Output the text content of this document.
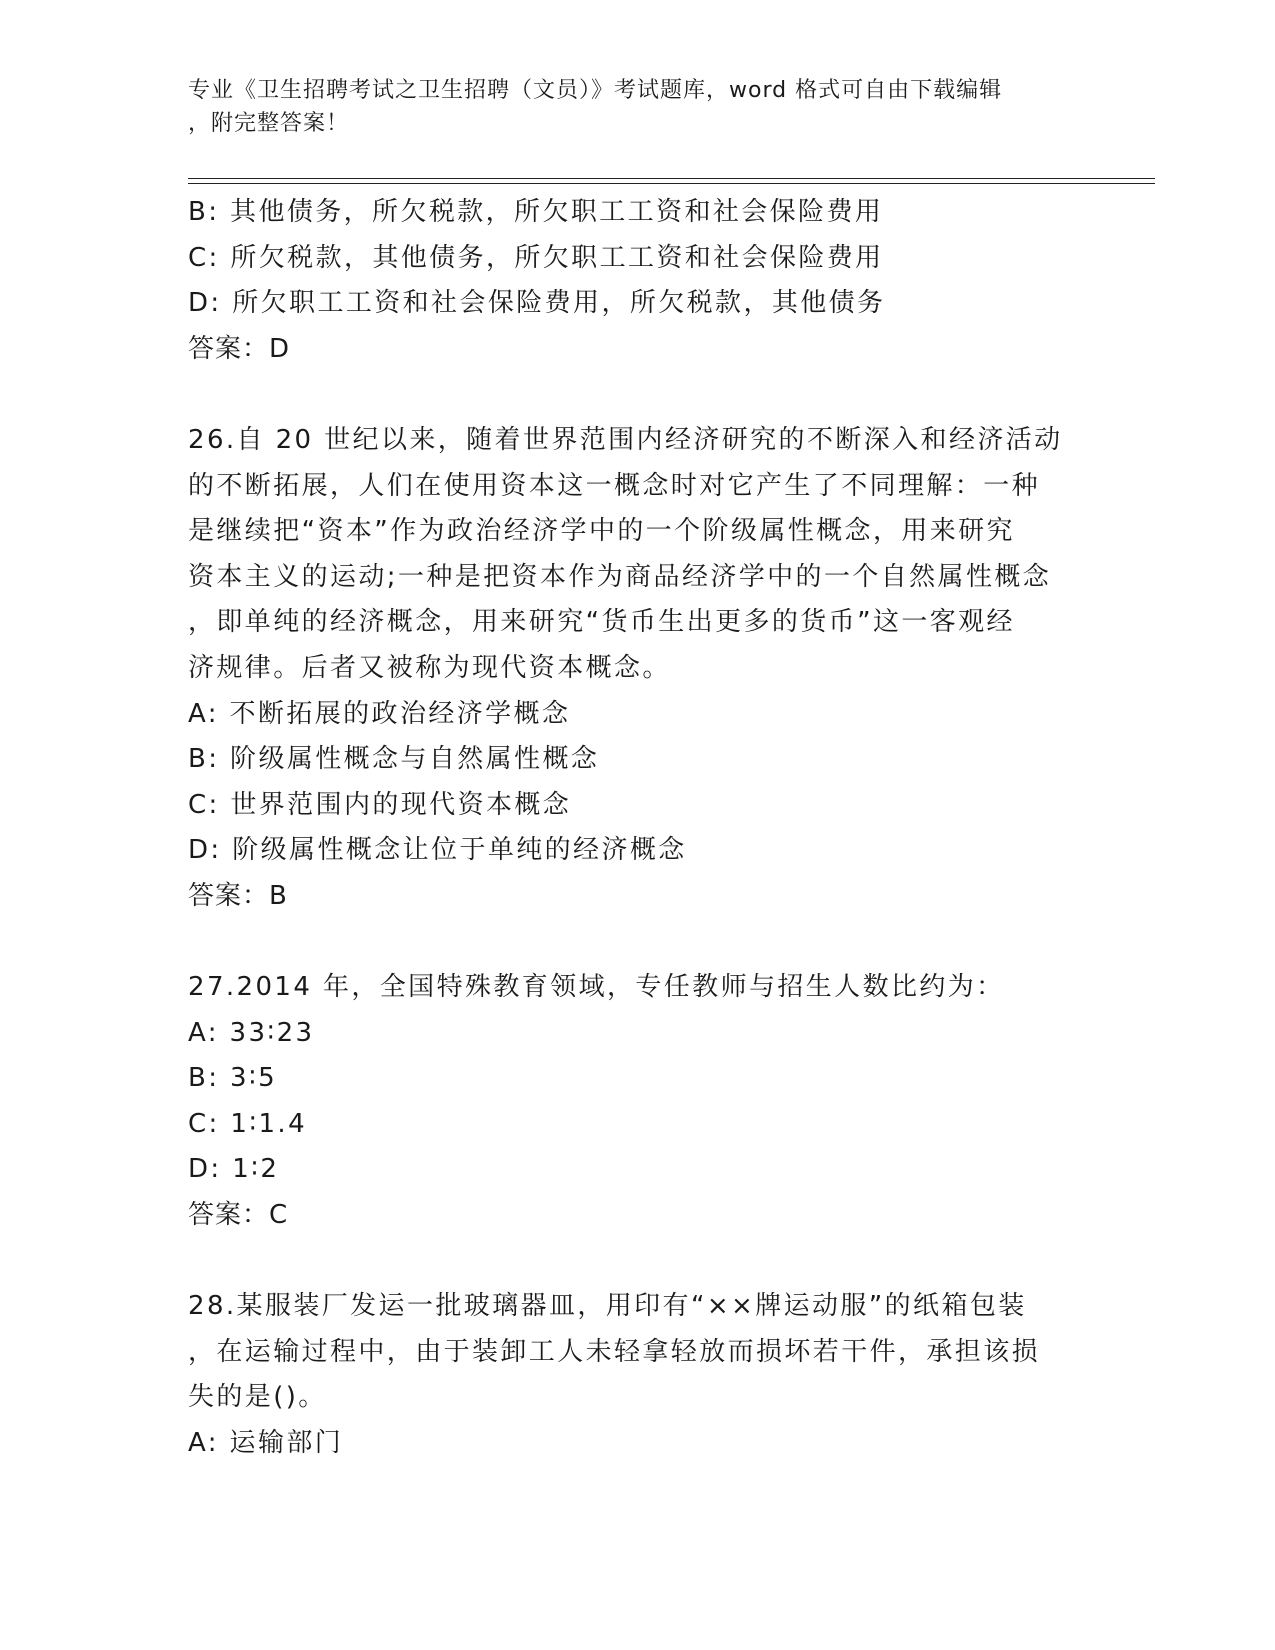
专业《卫生招聘考试之卫生招聘（文员）》考试题库，word 格式可自由下载编辑
，附完整答案！
B: 其他债务，所欠税款，所欠职工工资和社会保险费用
C: 所欠税款，其他债务，所欠职工工资和社会保险费用
D: 所欠职工工资和社会保险费用，所欠税款，其他债务
答案：D
26.自 20 世纪以来，随着世界范围内经济研究的不断深入和经济活动
的不断拓展，人们在使用资本这一概念时对它产生了不同理解：一种
是继续把“资本”作为政治经济学中的一个阶级属性概念，用来研究
资本主义的运动;一种是把资本作为商品经济学中的一个自然属性概念
，即单纯的经济概念，用来研究“货币生出更多的货币”这一客观经
济规律。后者又被称为现代资本概念。
A: 不断拓展的政治经济学概念
B: 阶级属性概念与自然属性概念
C: 世界范围内的现代资本概念
D: 阶级属性概念让位于单纯的经济概念
答案：B
27.2014 年，全国特殊教育领域，专任教师与招生人数比约为：
A: 33∶23
B: 3∶5
C: 1∶1.4
D: 1∶2
答案：C
28.某服装厂发运一批玻璃器皿，用印有“××牌运动服”的纸箱包装
，在运输过程中，由于装卸工人未轻拿轻放而损坏若干件，承担该损
失的是()。
A: 运输部门
